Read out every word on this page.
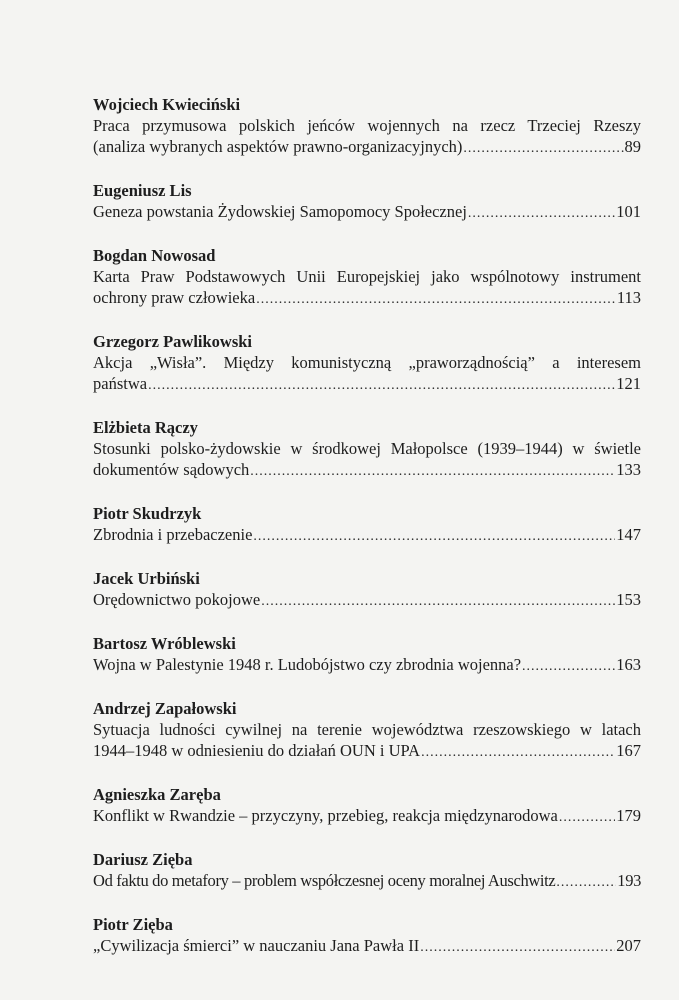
Wojciech Kwieciński
Praca przymusowa polskich jeńców wojennych na rzecz Trzeciej Rzeszy
(analiza wybranych aspektów prawno-organizacyjnych) .....	89
Eugeniusz Lis
Geneza powstania Żydowskiej Samopomocy Społecznej .....	101
Bogdan Nowosad
Karta Praw Podstawowych Unii Europejskiej jako wspólnotowy instrument
ochrony praw człowieka .....	113
Grzegorz Pawlikowski
Akcja „Wisła”. Między komunistyczną „praworządnością” a interesem
państwa .....	121
Elżbieta Rączy
Stosunki polsko-żydowskie w środkowej Małopolsce (1939–1944) w świetle
dokumentów sądowych .....	133
Piotr Skudrzyk
Zbrodnia i przebaczenie .....	147
Jacek Urbiński
Orędownictwo pokojowe .....	153
Bartosz Wróblewski
Wojna w Palestynie 1948 r. Ludobójstwo czy zbrodnia wojenna? .....	163
Andrzej Zapałowski
Sytuacja ludności cywilnej na terenie województwa rzeszowskiego w latach
1944–1948 w odniesieniu do działań OUN i UPA .....	167
Agnieszka Zaręba
Konflikt w Rwandzie – przyczyny, przebieg, reakcja międzynarodowa .....	179
Dariusz Zięba
Od faktu do metafory – problem współczesnej oceny moralnej Auschwitz .....	193
Piotr Zięba
„Cywilizacja śmierci” w nauczaniu Jana Pawła II .....	207
